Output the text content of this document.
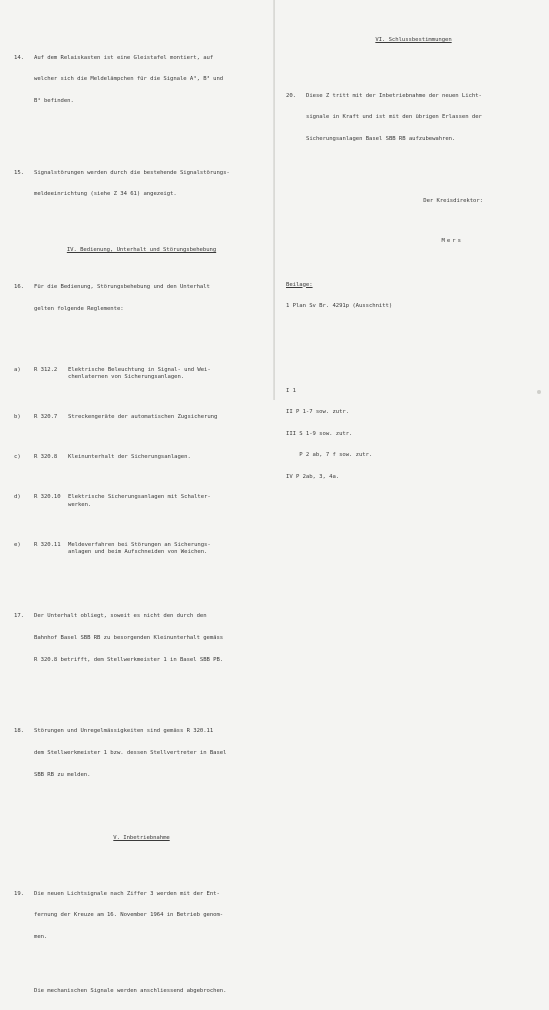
14. Auf dem Relaiskasten ist eine Gleistafel montiert, auf

welcher sich die Meldelämpchen für die Signale A³, B³ und

B⁴ befinden.

15. Signalstörungen werden durch die bestehende Signalstörungs-

meldeeinrichtung (siehe Z 34 61) angezeigt.

IV. Bedienung, Unterhalt und Störungsbehebung

16. Für die Bedienung, Störungsbehebung und den Unterhalt

gelten folgende Reglemente:

a)	R 312.2	Elektrische Beleuchtung in Signal- und Wei-
chenlaternen von Sicherungsanlagen.

b)	R 320.7	Streckengeräte der automatischen Zugsicherung

c)	R 320.8	Kleinunterhalt der Sicherungsanlagen.

d)	R 320.10	Elektrische Sicherungsanlagen mit Schalter-
werken.

e)	R 320.11	Meldeverfahren bei Störungen an Sicherungs-
anlagen und beim Aufschneiden von Weichen.

17. Der Unterhalt obliegt, soweit es nicht den durch den

Bahnhof Basel SBB RB zu besorgenden Kleinunterhalt gemäss

R 320.8 betrifft, dem Stellwerkmeister 1 in Basel SBB PB.

18. Störungen und Unregelmässigkeiten sind gemäss R 320.11

dem Stellwerkmeister 1 bzw. dessen Stellvertreter in Basel

SBB RB zu melden.

V. Inbetriebnahme

19. Die neuen Lichtsignale nach Ziffer 3 werden mit der Ent-

fernung der Kreuze am 16. November 1964 in Betrieb genom-

men.

Die mechanischen Signale werden anschliessend abgebrochen.

VI. Schlussbestimmungen

20. Diese Z tritt mit der Inbetriebnahme der neuen Licht-

signale in Kraft und ist mit den übrigen Erlassen der

Sicherungsanlagen Basel SBB RB aufzubewahren.

Der Kreisdirektor:

Mers

Beilage:

1 Plan Sv Br. 4291p (Ausschnitt)

I 1

II P 1-7 sow. zutr.

III S 1-9 sow. zutr.

P 2 ab, 7 f sow. zutr.

IV P 2ab, 3, 4a.
